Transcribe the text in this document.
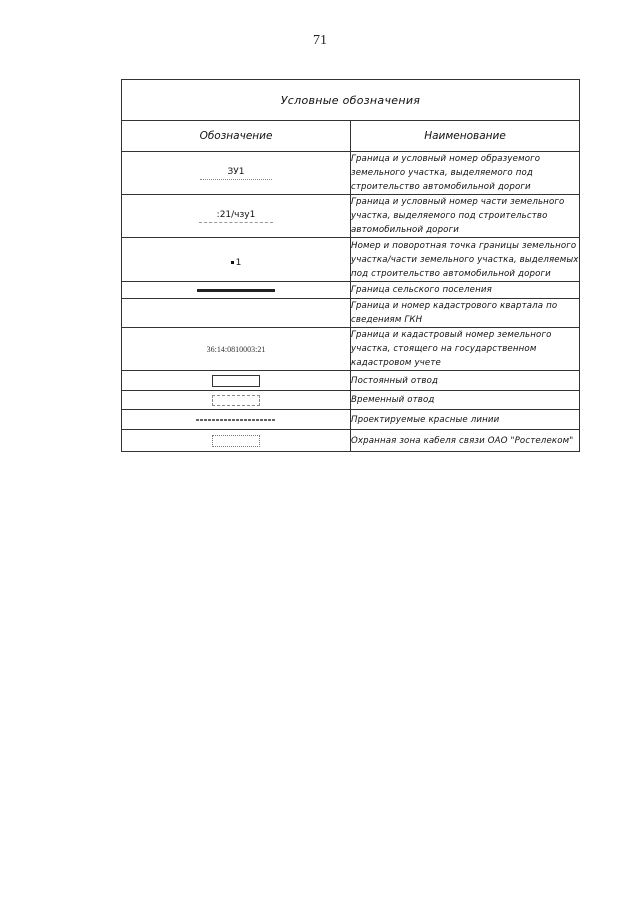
71
Условные обозначения	
Обозначение	Наименование

ЗУ1	Граница и условный номер образуемого земельного участка, выделяемого под строительство автомобильной дороги

:21/чзу1	Граница и условный номер части земельного участка, выделяемого под строительство автомобильной дороги
1	Номер и поворотная точка границы земельного участка/части земельного участка, выделяемых под строительство автомобильной дороги

	Граница сельского поселения
	Граница и номер кадастрового квартала по сведениям ГКН

36:14:0810003:21	Граница и кадастровый номер земельного участка, стоящего на государственном кадастровом учете

	Постоянный отвод

	Временный отвод

	Проектируемые красные линии

	Охранная зона кабеля связи ОАО "Ростелеком"
